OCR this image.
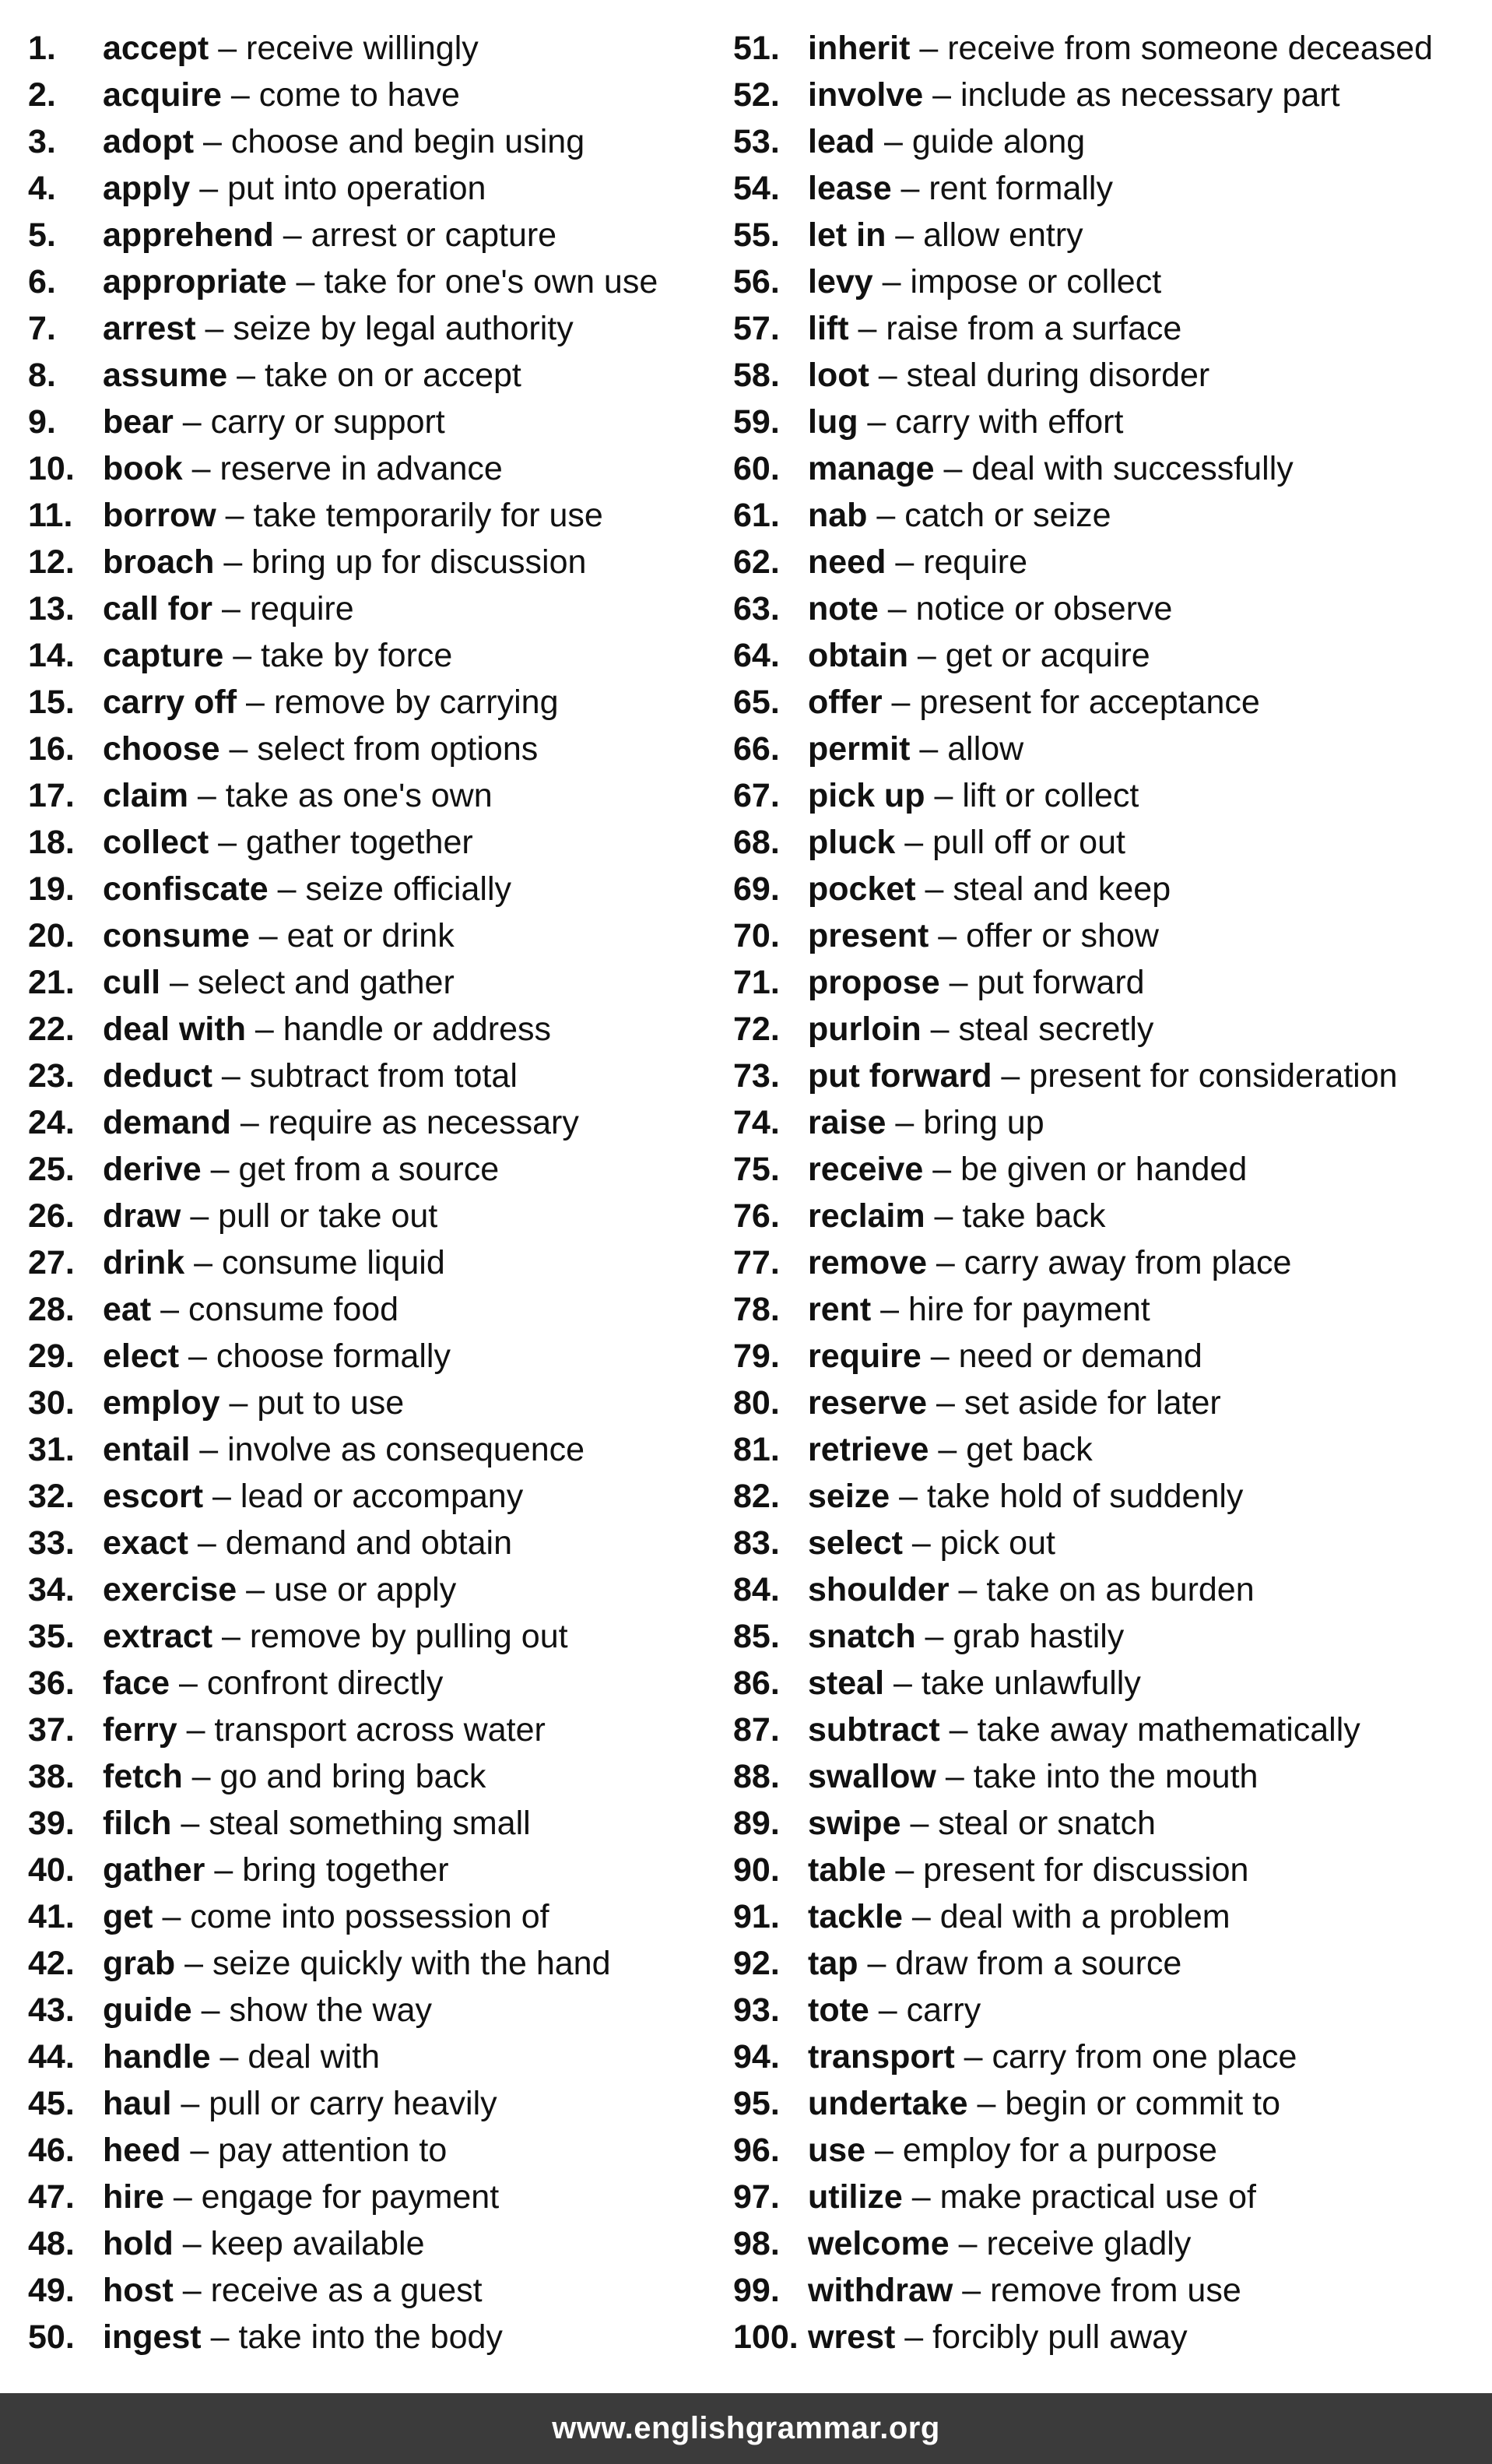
1. accept – receive willingly
2. acquire – come to have
3. adopt – choose and begin using
4. apply – put into operation
5. apprehend – arrest or capture
6. appropriate – take for one's own use
7. arrest – seize by legal authority
8. assume – take on or accept
9. bear – carry or support
10. book – reserve in advance
11. borrow – take temporarily for use
12. broach – bring up for discussion
13. call for – require
14. capture – take by force
15. carry off – remove by carrying
16. choose – select from options
17. claim – take as one's own
18. collect – gather together
19. confiscate – seize officially
20. consume – eat or drink
21. cull – select and gather
22. deal with – handle or address
23. deduct – subtract from total
24. demand – require as necessary
25. derive – get from a source
26. draw – pull or take out
27. drink – consume liquid
28. eat – consume food
29. elect – choose formally
30. employ – put to use
31. entail – involve as consequence
32. escort – lead or accompany
33. exact – demand and obtain
34. exercise – use or apply
35. extract – remove by pulling out
36. face – confront directly
37. ferry – transport across water
38. fetch – go and bring back
39. filch – steal something small
40. gather – bring together
41. get – come into possession of
42. grab – seize quickly with the hand
43. guide – show the way
44. handle – deal with
45. haul – pull or carry heavily
46. heed – pay attention to
47. hire – engage for payment
48. hold – keep available
49. host – receive as a guest
50. ingest – take into the body
51. inherit – receive from someone deceased
52. involve – include as necessary part
53. lead – guide along
54. lease – rent formally
55. let in – allow entry
56. levy – impose or collect
57. lift – raise from a surface
58. loot – steal during disorder
59. lug – carry with effort
60. manage – deal with successfully
61. nab – catch or seize
62. need – require
63. note – notice or observe
64. obtain – get or acquire
65. offer – present for acceptance
66. permit – allow
67. pick up – lift or collect
68. pluck – pull off or out
69. pocket – steal and keep
70. present – offer or show
71. propose – put forward
72. purloin – steal secretly
73. put forward – present for consideration
74. raise – bring up
75. receive – be given or handed
76. reclaim – take back
77. remove – carry away from place
78. rent – hire for payment
79. require – need or demand
80. reserve – set aside for later
81. retrieve – get back
82. seize – take hold of suddenly
83. select – pick out
84. shoulder – take on as burden
85. snatch – grab hastily
86. steal – take unlawfully
87. subtract – take away mathematically
88. swallow – take into the mouth
89. swipe – steal or snatch
90. table – present for discussion
91. tackle – deal with a problem
92. tap – draw from a source
93. tote – carry
94. transport – carry from one place
95. undertake – begin or commit to
96. use – employ for a purpose
97. utilize – make practical use of
98. welcome – receive gladly
99. withdraw – remove from use
100. wrest – forcibly pull away
www.englishgrammar.org
